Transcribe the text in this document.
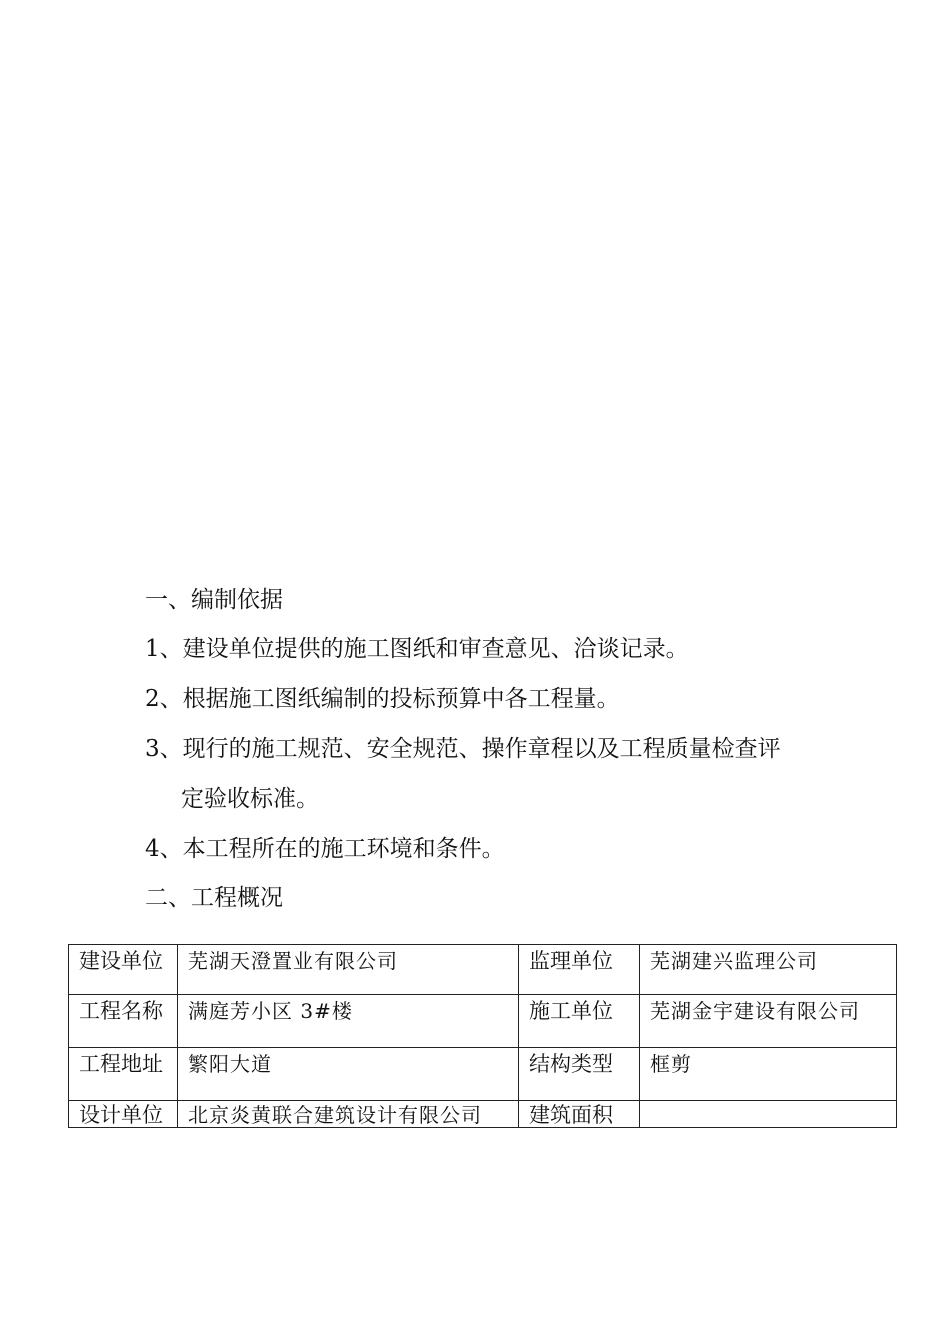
一、编制依据
1、建设单位提供的施工图纸和审查意见、洽谈记录。
2、根据施工图纸编制的投标预算中各工程量。
3、现行的施工规范、安全规范、操作章程以及工程质量检查评
定验收标准。
4、本工程所在的施工环境和条件。
二、工程概况
建设单位	芜湖天澄置业有限公司	监理单位	芜湖建兴监理公司
工程名称	满庭芳小区 3#楼	施工单位	芜湖金宇建设有限公司
工程地址	繁阳大道	结构类型	框剪
设计单位	北京炎黄联合建筑设计有限公司	建筑面积	
